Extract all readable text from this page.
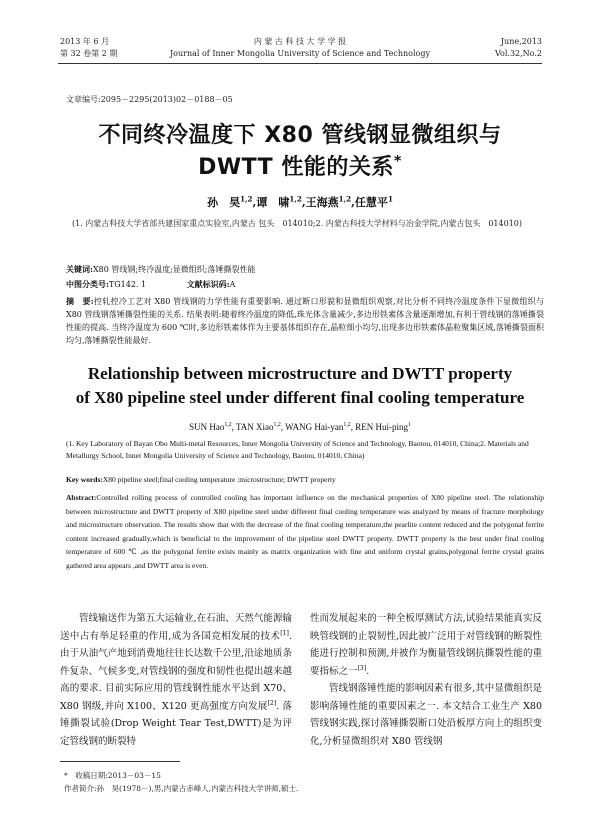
2013 年 6 月
第 32 卷第 2 期
内 蒙 古 科 技 大 学 学 报
Journal of Inner Mongolia University of Science and Technology
June,2013
Vol.32,No.2
文章编号:2095－2295(2013)02－0188－05
不同终冷温度下 X80 管线钢显微组织与
DWTT 性能的关系*
孙　昊$^{1,2}$,谭　啸$^{1,2}$,王海燕$^{1,2}$,任慧平$^1$
(1. 内蒙古科技大学省部共建国家重点实验室,内蒙古 包头　014010;2. 内蒙古科技大学材料与冶金学院,内蒙古包头　014010)
关键词:X80 管线钢;终冷温度;显微组织;落锤撕裂性能
中图分类号:TG142. 1	文献标识码:A
摘　要:控轧控冷工艺对 X80 管线钢的力学性能有重要影响. 通过断口形貌和显微组织观察,对比分析不同终冷温度条件下显微组织与 X80 管线钢落锤撕裂性能的关系. 结果表明:随着终冷温度的降低,珠光体含量减少,多边形铁素体含量逐渐增加,有利于管线钢的落锤撕裂性能的提高. 当终冷温度为 600 ℃时,多边形铁素体作为主要基体组织存在,晶粒细小均匀,出现多边形铁素体晶粒聚集区域,落锤撕裂面积均匀,落锤撕裂性能最好.
Relationship between microstructure and DWTT property
of X80 pipeline steel under different final cooling temperature
SUN Hao$^{1,2}$, TAN Xiao$^{1,2}$, WANG Hai-yan$^{1,2}$, REN Hui-ping$^1$
(1. Key Laboratory of Bayan Obo Multi-metal Resources, Inner Mongolia University of Science and Technology, Baotou, 014010, China;2. Materials and Metallurgy School, Inner Mongolia University of Science and Technology, Baotou, 014010, China)
Key words:X80 pipeline steel;final cooling temperature ;microstructure; DWTT property
Abstract:Controlled rolling process of controlled cooling has important influence on the mechanical properties of X80 pipeline steel. The relationship between microstructure and DWTT property of X80 pipeline steel under different final cooling temperature was analyzed by means of fracture morphology and microstructure observation. The results show that with the decrease of the final cooling temperature,the pearlite content reduced and the polygonal ferrite content increased gradually,which is beneficial to the improvement of the pipeline steel DWTT property. DWTT property is the best under final cooling temperature of 600 ℃ ,as the polygonal ferrite exists mainly as matrix organization with fine and uniform crystal grains,polygonal ferrite crystal grains gathered area appears ,and DWTT area is even.

管线输送作为第五大运输业,在石油、天然气能源输送中占有举足轻重的作用,成为各国竞相发展的技术[1]. 由于从油气产地到消费地往往长达数千公里,沿途地质条件复杂、气候多变,对管线钢的强度和韧性也提出越来越高的要求. 目前实际应用的管线钢性能水平达到 X70、X80 钢级,并向 X100、X120 更高强度方向发展[2]. 落锤撕裂试验(Drop Weight Tear Test,DWTT)是为评定管线钢的断裂特

性而发展起来的一种全板厚测试方法,试验结果能真实反映管线钢的止裂韧性,因此被广泛用于对管线钢的断裂性能进行控制和预测,并被作为衡量管线钢抗撕裂性能的重要指标之一[3].

管线钢落锤性能的影响因素有很多,其中显微组织是影响落锤性能的重要因素之一. 本文结合工业生产 X80 管线钢实践,探讨落锤撕裂断口处沿板厚方向上的组织变化,分析显微组织对 X80 管线钢

*　 收稿日期:2013－03－15
作者简介:孙　昊(1978－),男,内蒙古赤峰人,内蒙古科技大学讲师,硕士.
